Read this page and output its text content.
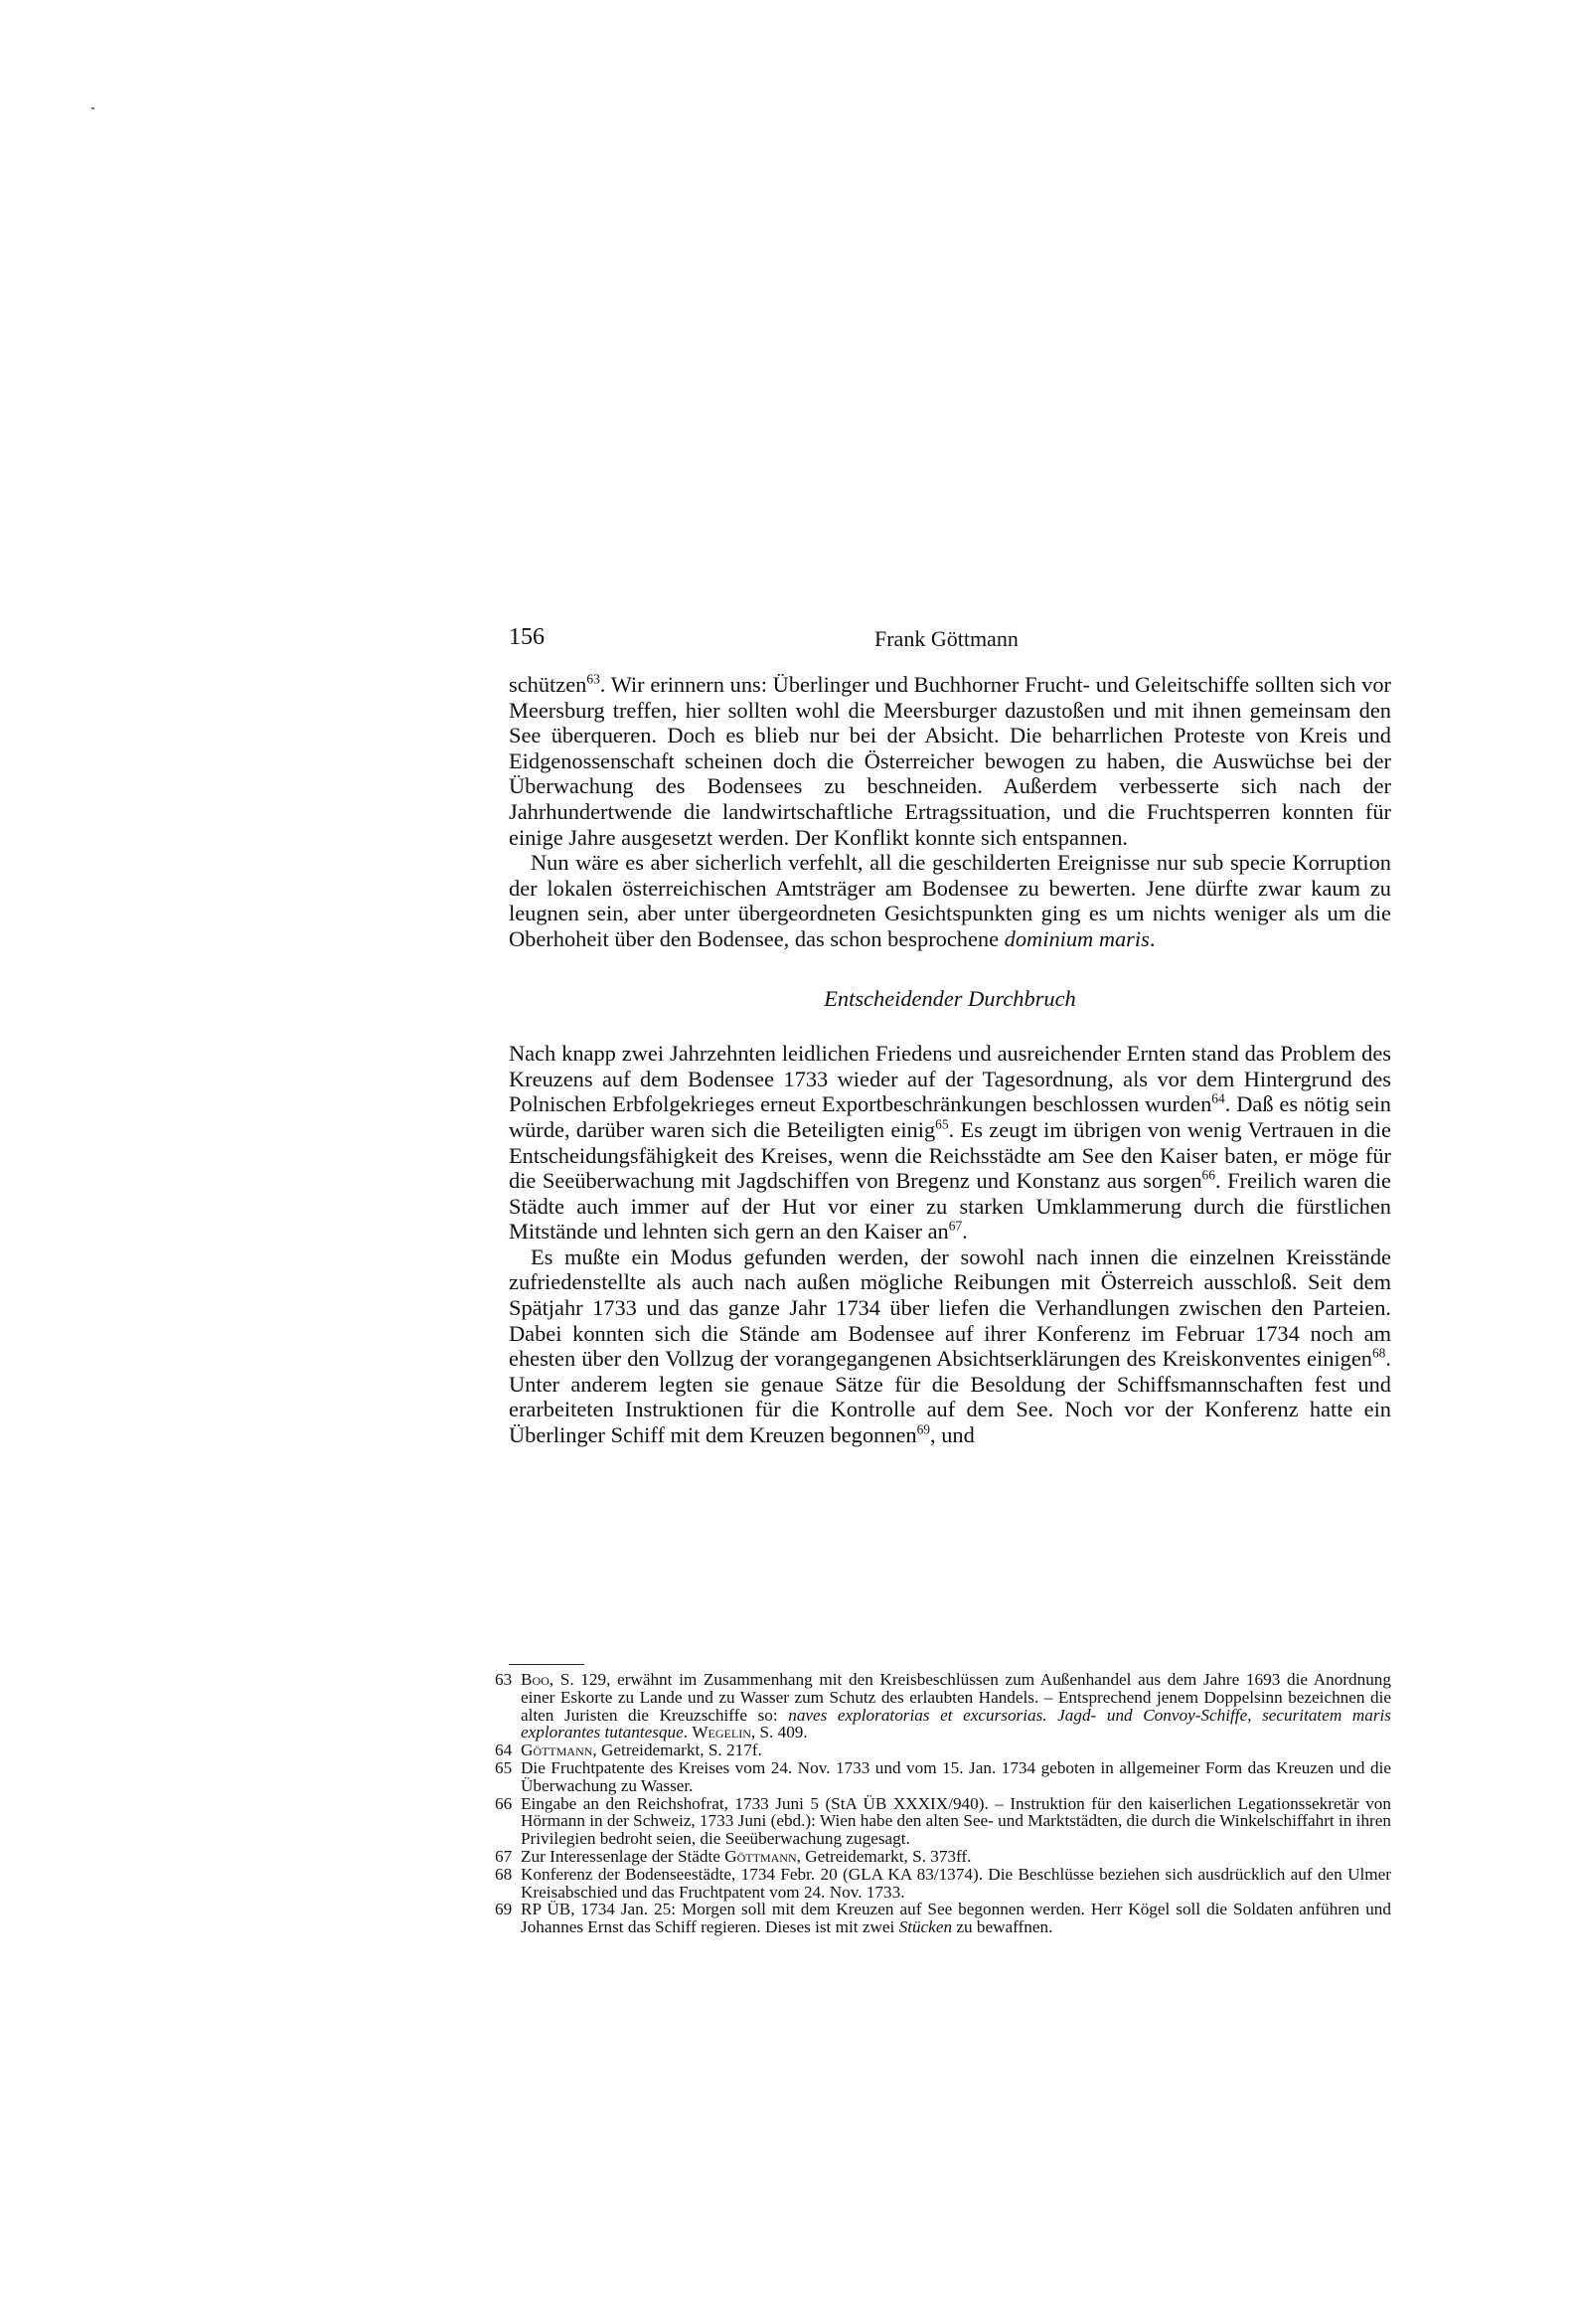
156	Frank Göttmann

schützen$^{63}$. Wir erinnern uns: Überlinger und Buchhorner Frucht- und Geleitschiffe sollten sich vor Meersburg treffen, hier sollten wohl die Meersburger dazustoßen und mit ihnen gemeinsam den See überqueren. Doch es blieb nur bei der Absicht. Die beharrlichen Proteste von Kreis und Eidgenossenschaft scheinen doch die Österreicher bewogen zu haben, die Auswüchse bei der Überwachung des Bodensees zu beschneiden. Außerdem verbesserte sich nach der Jahrhundertwende die landwirtschaftliche Ertragssituation, und die Fruchtsperren konnten für einige Jahre ausgesetzt werden. Der Konflikt konnte sich entspannen.

Nun wäre es aber sicherlich verfehlt, all die geschilderten Ereignisse nur sub specie Korruption der lokalen österreichischen Amtsträger am Bodensee zu bewerten. Jene dürfte zwar kaum zu leugnen sein, aber unter übergeordneten Gesichtspunkten ging es um nichts weniger als um die Oberhoheit über den Bodensee, das schon besprochene dominium maris.

Entscheidender Durchbruch

Nach knapp zwei Jahrzehnten leidlichen Friedens und ausreichender Ernten stand das Problem des Kreuzens auf dem Bodensee 1733 wieder auf der Tagesordnung, als vor dem Hintergrund des Polnischen Erbfolgekrieges erneut Exportbeschränkungen beschlossen wurden$^{64}$. Daß es nötig sein würde, darüber waren sich die Beteiligten einig$^{65}$. Es zeugt im übrigen von wenig Vertrauen in die Entscheidungsfähigkeit des Kreises, wenn die Reichsstädte am See den Kaiser baten, er möge für die Seeüberwachung mit Jagdschiffen von Bregenz und Konstanz aus sorgen$^{66}$. Freilich waren die Städte auch immer auf der Hut vor einer zu starken Umklammerung durch die fürstlichen Mitstände und lehnten sich gern an den Kaiser $an^{67}$.

Es mußte ein Modus gefunden werden, der sowohl nach innen die einzelnen Kreisstände zufriedenstellte als auch nach außen mögliche Reibungen mit Österreich ausschloß. Seit dem Spätjahr 1733 und das ganze Jahr 1734 über liefen die Verhandlungen zwischen den Parteien. Dabei konnten sich die Stände am Bodensee auf ihrer Konferenz im Februar 1734 noch am ehesten über den Vollzug der vorangegangenen Absichtserklärungen des Kreiskonventes einigen$^{68}$. Unter anderem legten sie genaue Sätze für die Besoldung der Schiffsmannschaften fest und erarbeiteten Instruktionen für die Kontrolle auf dem See. Noch vor der Konferenz hatte ein Überlinger Schiff mit dem Kreuzen begonnen$^{69}$, und

63 Boo, S. 129, erwähnt im Zusammenhang mit den Kreisbeschlüssen zum Außenhandel aus dem Jahre 1693 die Anordnung einer Eskorte zu Lande und zu Wasser zum Schutz des erlaubten Handels. – Entsprechend jenem Doppelsinn bezeichnen die alten Juristen die Kreuzschiffe so: naves exploratorias et excursorias. Jagd- und Convoy-Schiffe, securitatem maris explorantes tutantesque. Wegelin, S. 409.
64 Göttmann, Getreidemarkt, S. 217f.
65 Die Fruchtpatente des Kreises vom 24. Nov. 1733 und vom 15. Jan. 1734 geboten in allgemeiner Form das Kreuzen und die Überwachung zu Wasser.
66 Eingabe an den Reichshofrat, 1733 Juni 5 (StA ÜB XXXIX/940). – Instruktion für den kaiserlichen Legationssekretär von Hörmann in der Schweiz, 1733 Juni (ebd.): Wien habe den alten See- und Marktstädten, die durch die Winkelschiffahrt in ihren Privilegien bedroht seien, die Seeüberwachung zugesagt.
67 Zur Interessenlage der Städte Göttmann, Getreidemarkt, S. 373ff.
68 Konferenz der Bodenseestädte, 1734 Febr. 20 (GLA KA 83/1374). Die Beschlüsse beziehen sich ausdrücklich auf den Ulmer Kreisabschied und das Fruchtpatent vom 24. Nov. 1733.
69 RP ÜB, 1734 Jan. 25: Morgen soll mit dem Kreuzen auf See begonnen werden. Herr Kögel soll die Soldaten anführen und Johannes Ernst das Schiff regieren. Dieses ist mit zwei Stücken zu bewaffnen.
